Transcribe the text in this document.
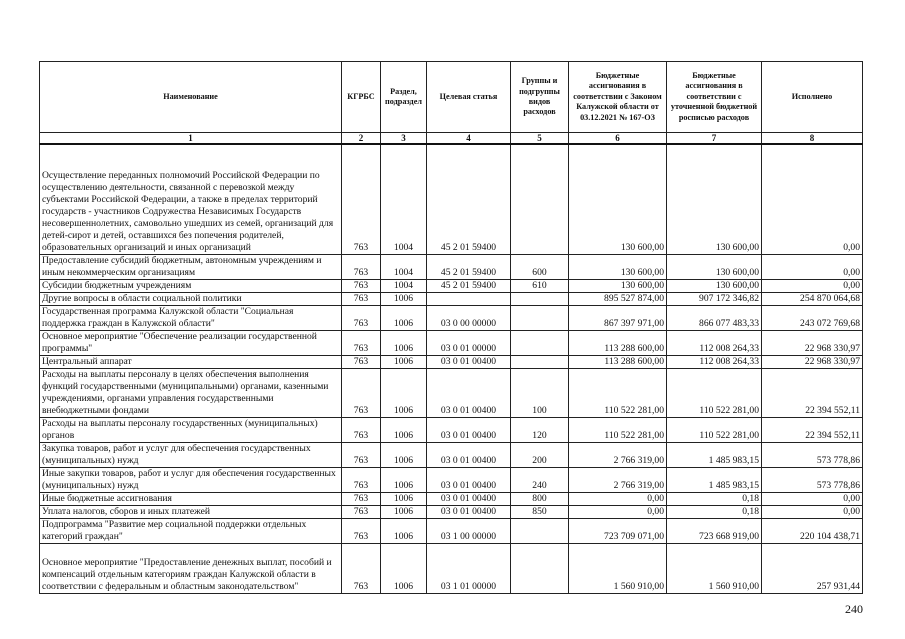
Наименование	КГРБС	Раздел, подраздел	Целевая статья	Группы и подгруппы видов расходов	Бюджетные ассигнования в соответствии с Законом Калужской области от 03.12.2021 № 167-ОЗ	Бюджетные ассигнования в соответствии с уточненной бюджетной росписью расходов	Исполнено
1	2	3	4	5	6	7	8
Осуществление переданных полномочий Российской Федерации по осуществлению деятельности, связанной с перевозкой между субъектами Российской Федерации, а также в пределах территорий государств - участников Содружества Независимых Государств несовершеннолетних, самовольно ушедших из семей, организаций для детей-сирот и детей, оставшихся без попечения родителей, образовательных организаций и иных организаций	763	1004	45 2 01 59400		130 600,00	130 600,00	0,00
Предоставление субсидий бюджетным, автономным учреждениям и иным некоммерческим организациям	763	1004	45 2 01 59400	600	130 600,00	130 600,00	0,00
Субсидии бюджетным учреждениям	763	1004	45 2 01 59400	610	130 600,00	130 600,00	0,00
Другие вопросы в области социальной политики	763	1006			895 527 874,00	907 172 346,82	254 870 064,68
Государственная программа Калужской области "Социальная поддержка граждан в Калужской области"	763	1006	03 0 00 00000		867 397 971,00	866 077 483,33	243 072 769,68
Основное мероприятие "Обеспечение реализации государственной программы"	763	1006	03 0 01 00000		113 288 600,00	112 008 264,33	22 968 330,97
Центральный аппарат	763	1006	03 0 01 00400		113 288 600,00	112 008 264,33	22 968 330,97
Расходы на выплаты персоналу в целях обеспечения выполнения функций государственными (муниципальными) органами, казенными учреждениями, органами управления государственными внебюджетными фондами	763	1006	03 0 01 00400	100	110 522 281,00	110 522 281,00	22 394 552,11
Расходы на выплаты персоналу государственных (муниципальных) органов	763	1006	03 0 01 00400	120	110 522 281,00	110 522 281,00	22 394 552,11
Закупка товаров, работ и услуг для обеспечения государственных (муниципальных) нужд	763	1006	03 0 01 00400	200	2 766 319,00	1 485 983,15	573 778,86
Иные закупки товаров, работ и услуг для обеспечения государственных (муниципальных) нужд	763	1006	03 0 01 00400	240	2 766 319,00	1 485 983,15	573 778,86
Иные бюджетные ассигнования	763	1006	03 0 01 00400	800	0,00	0,18	0,00
Уплата налогов, сборов и иных платежей	763	1006	03 0 01 00400	850	0,00	0,18	0,00
Подпрограмма "Развитие мер социальной поддержки отдельных категорий граждан"	763	1006	03 1 00 00000		723 709 071,00	723 668 919,00	220 104 438,71
Основное мероприятие "Предоставление денежных выплат, пособий и компенсаций отдельным категориям граждан Калужской области в соответствии с федеральным и областным законодательством"	763	1006	03 1 01 00000		1 560 910,00	1 560 910,00	257 931,44
240
